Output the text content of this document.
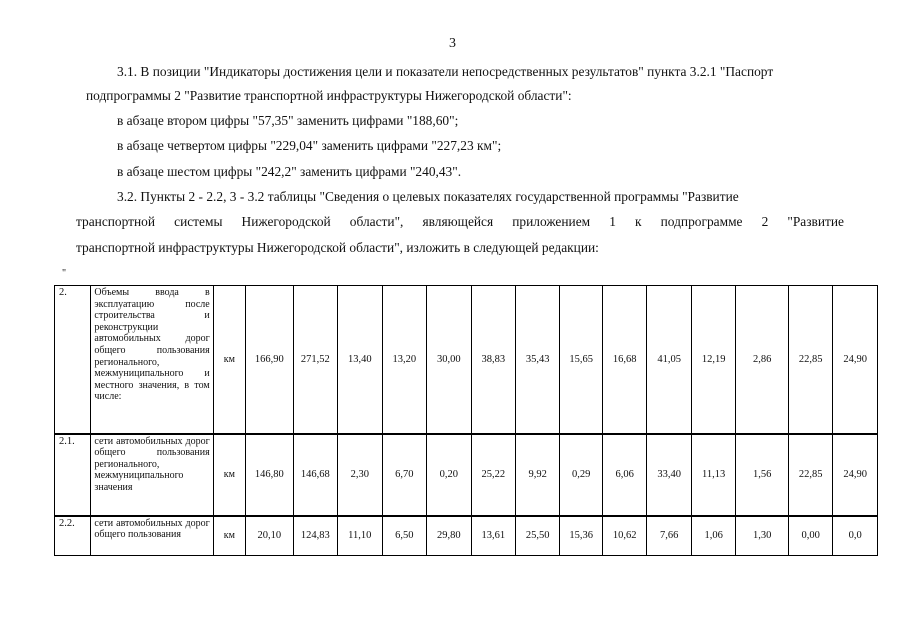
3
3.1. В позиции "Индикаторы достижения цели и показатели непосредственных результатов" пункта 3.2.1 "Паспорт
подпрограммы 2 "Развитие транспортной инфраструктуры Нижегородской области":
в абзаце втором цифры "57,35" заменить цифрами "188,60";
в абзаце четвертом цифры "229,04" заменить цифрами "227,23 км";
в абзаце шестом цифры "242,2" заменить цифрами "240,43".
3.2. Пункты 2 - 2.2, 3 - 3.2 таблицы "Сведения о целевых показателях государственной программы "Развитие
транспортной системы Нижегородской области", являющейся приложением 1 к подпрограмме 2 "Развитие
транспортной инфраструктуры Нижегородской области", изложить в следующей редакции:
"
2.	Объемы ввода в эксплуатацию после строительства и реконструкции автомобильных дорог общего пользования регионального, межмуниципального и местного значения, в том числе:	км	166,90	271,52	13,40	13,20	30,00	38,83	35,43	15,65	16,68	41,05	12,19	2,86	22,85	24,90
2.1.	сети автомобильных дорог общего пользования регионального, межмуниципального значения	км	146,80	146,68	2,30	6,70	0,20	25,22	9,92	0,29	6,06	33,40	11,13	1,56	22,85	24,90
2.2.	сети автомобильных дорог общего пользования	км	20,10	124,83	11,10	6,50	29,80	13,61	25,50	15,36	10,62	7,66	1,06	1,30	0,00	0,0
